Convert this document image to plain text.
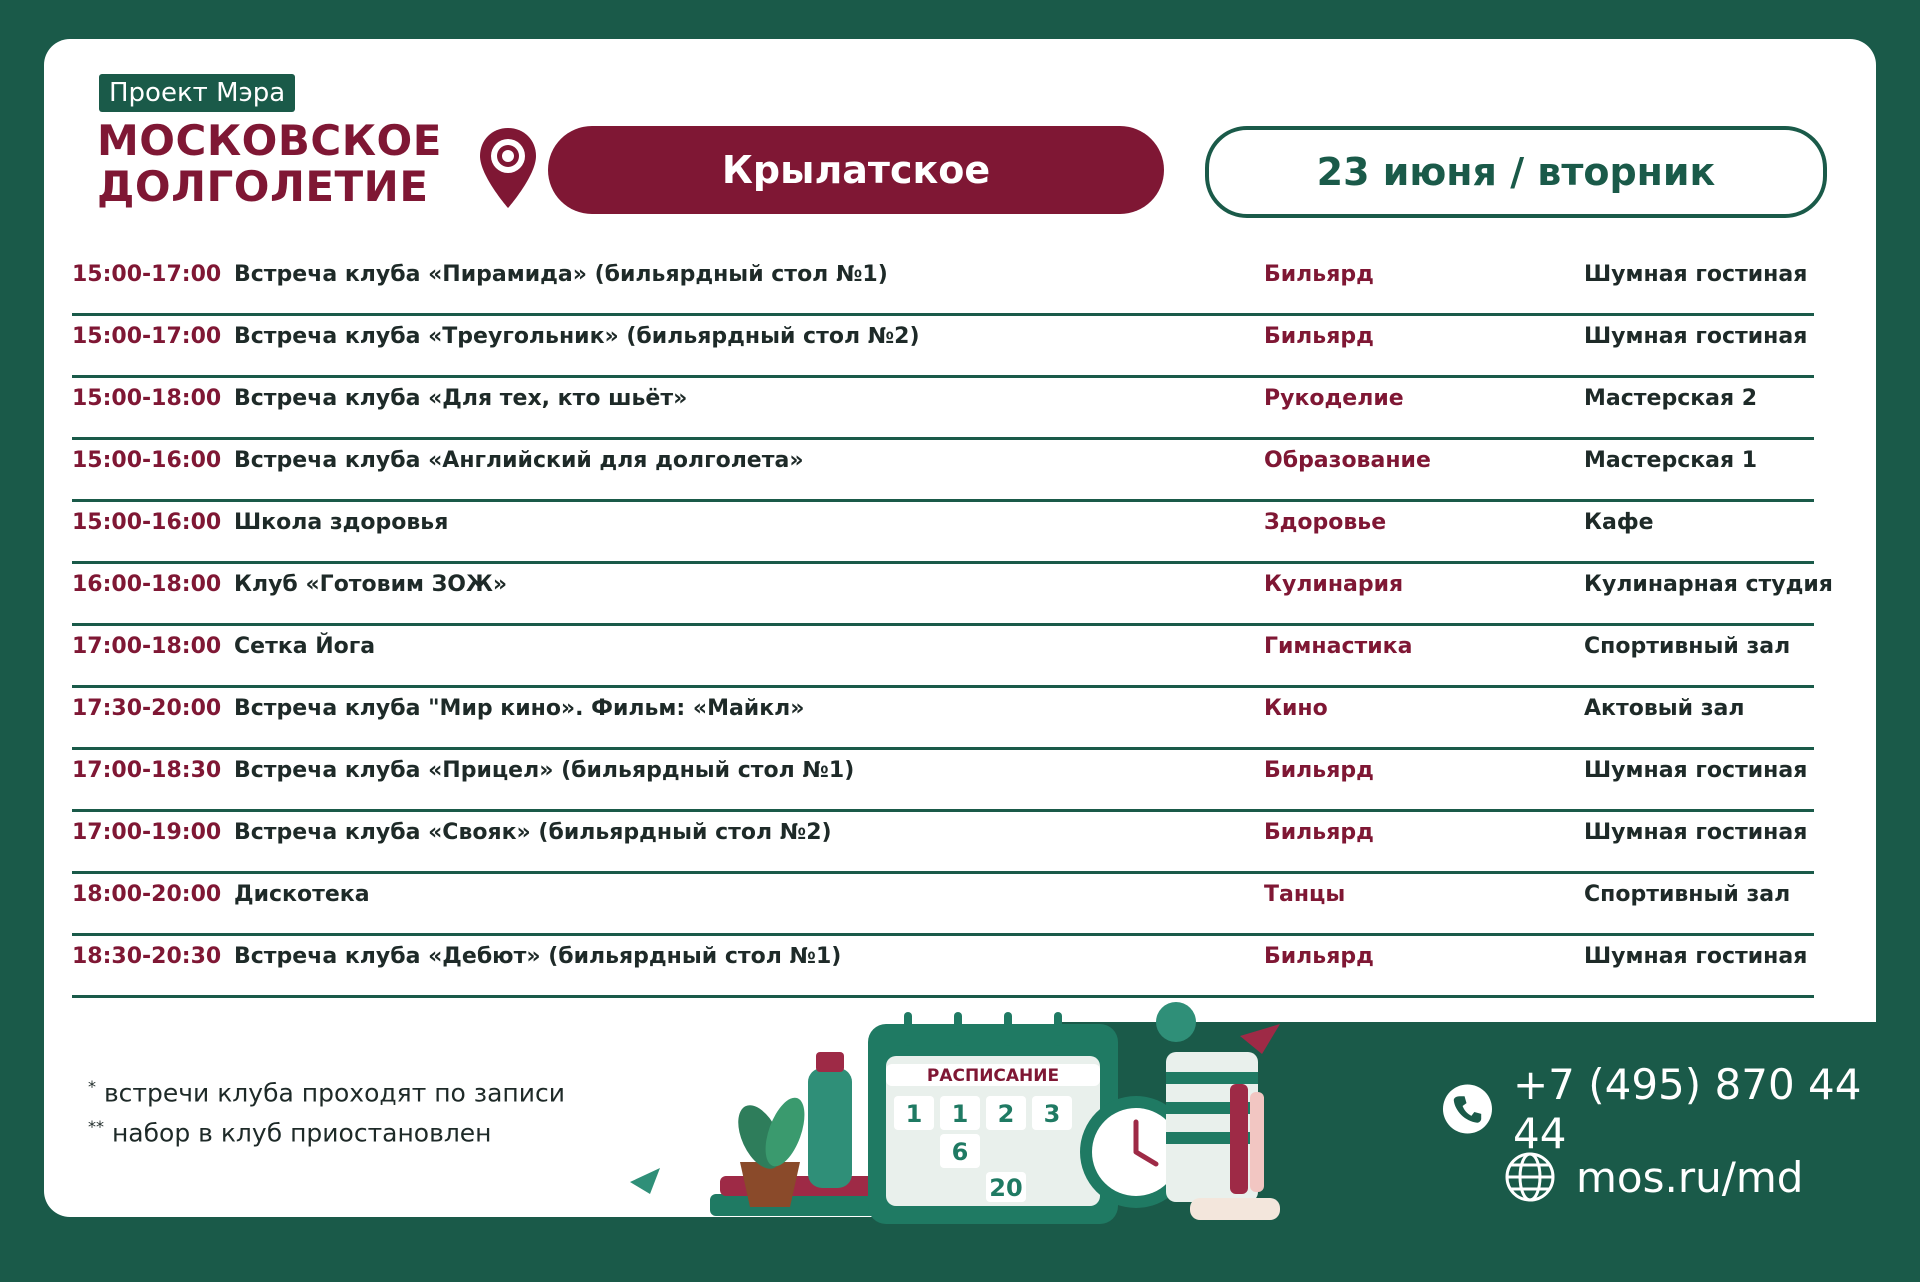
Проект Мэра
МОСКОВСКОЕ
ДОЛГОЛЕТИЕ	Крылатское	23 июня / вторник
15:00-17:00 Встреча клуба «Пирамида» (бильярдный стол №1)	Бильярд	Шумная гостиная
15:00-17:00 Встреча клуба «Треугольник» (бильярдный стол №2)	Бильярд	Шумная гостиная
15:00-18:00 Встреча клуба «Для тех, кто шьёт»	Рукоделие	Мастерская 2
15:00-16:00 Встреча клуба «Английский для долголета»	Образование	Мастерская 1
15:00-16:00 Школа здоровья	Здоровье	Кафе
16:00-18:00 Клуб «Готовим ЗОЖ»	Кулинария	Кулинарная студия
17:00-18:00 Сетка Йога	Гимнастика	Спортивный зал
17:30-20:00 Встреча клуба "Мир кино». Фильм: «Майкл»	Кино	Актовый зал
17:00-18:30 Встреча клуба «Прицел» (бильярдный стол №1)	Бильярд	Шумная гостиная
17:00-19:00 Встреча клуба «Свояк» (бильярдный стол №2)	Бильярд	Шумная гостиная
18:00-20:00 Дискотека	Танцы	Спортивный зал
18:30-20:30 Встреча клуба «Дебют» (бильярдный стол №1)	Бильярд	Шумная гостиная
* встречи клуба проходят по записи
** набор в клуб приостановлен
РАСПИСАНИЕ
1 1 2 3
6
20
+7 (495) 870 44 44
mos.ru/md
